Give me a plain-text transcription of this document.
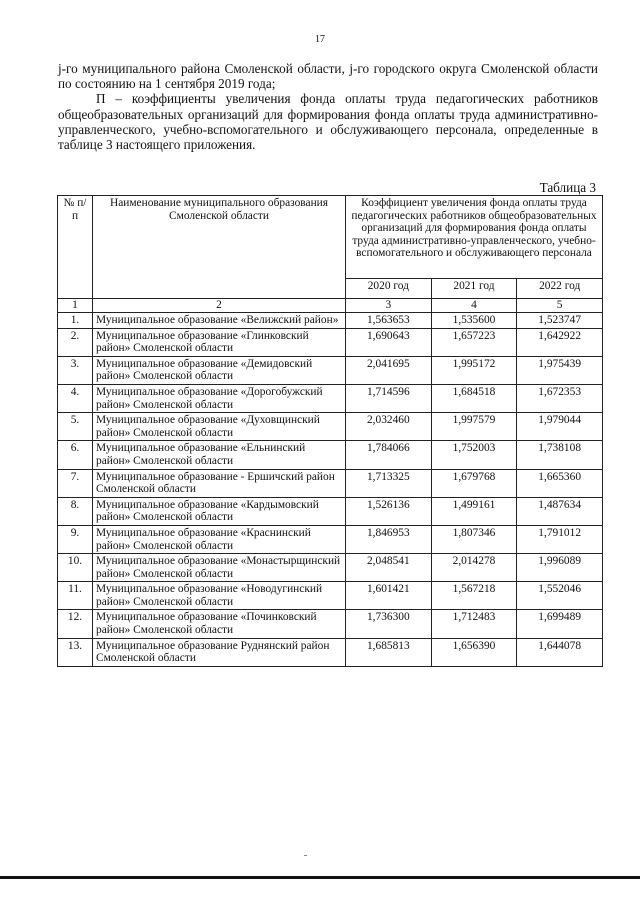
17

j-го муниципального района Смоленской области, j-го городского округа Смоленской области по состоянию на 1 сентября 2019 года;

П – коэффициенты увеличения фонда оплаты труда педагогических работников общеобразовательных организаций для формирования фонда оплаты труда административно-управленческого, учебно-вспомогательного и обслуживающего персонала, определенные в таблице 3 настоящего приложения.

Таблица 3
№ п/п	Наименование муниципального образования Смоленской области	Коэффициент увеличения фонда оплаты труда педагогических работников общеобразовательных организаций для формирования фонда оплаты труда административно-управленческого, учебно-вспомогательного и обслуживающего персонала		
		2020 год	2021 год	2022 год
1	2	3	4	5
1.	Муниципальное образование «Велижский район»	1,563653	1,535600	1,523747
2.	Муниципальное образование «Глинковский район» Смоленской области	1,690643	1,657223	1,642922
3.	Муниципальное образование «Демидовский район» Смоленской области	2,041695	1,995172	1,975439
4.	Муниципальное образование «Дорогобужский район» Смоленской области	1,714596	1,684518	1,672353
5.	Муниципальное образование «Духовщинский район» Смоленской области	2,032460	1,997579	1,979044
6.	Муниципальное образование «Ельнинский район» Смоленской области	1,784066	1,752003	1,738108
7.	Муниципальное образование - Ершичский район Смоленской области	1,713325	1,679768	1,665360
8.	Муниципальное образование «Кардымовский район» Смоленской области	1,526136	1,499161	1,487634
9.	Муниципальное образование «Краснинский район» Смоленской области	1,846953	1,807346	1,791012
10.	Муниципальное образование «Монастырщинский район» Смоленской области	2,048541	2,014278	1,996089
11.	Муниципальное образование «Новодугинский район» Смоленской области	1,601421	1,567218	1,552046
12.	Муниципальное образование «Починковский район» Смоленской области	1,736300	1,712483	1,699489
13.	Муниципальное образование Руднянский район Смоленской области	1,685813	1,656390	1,644078
